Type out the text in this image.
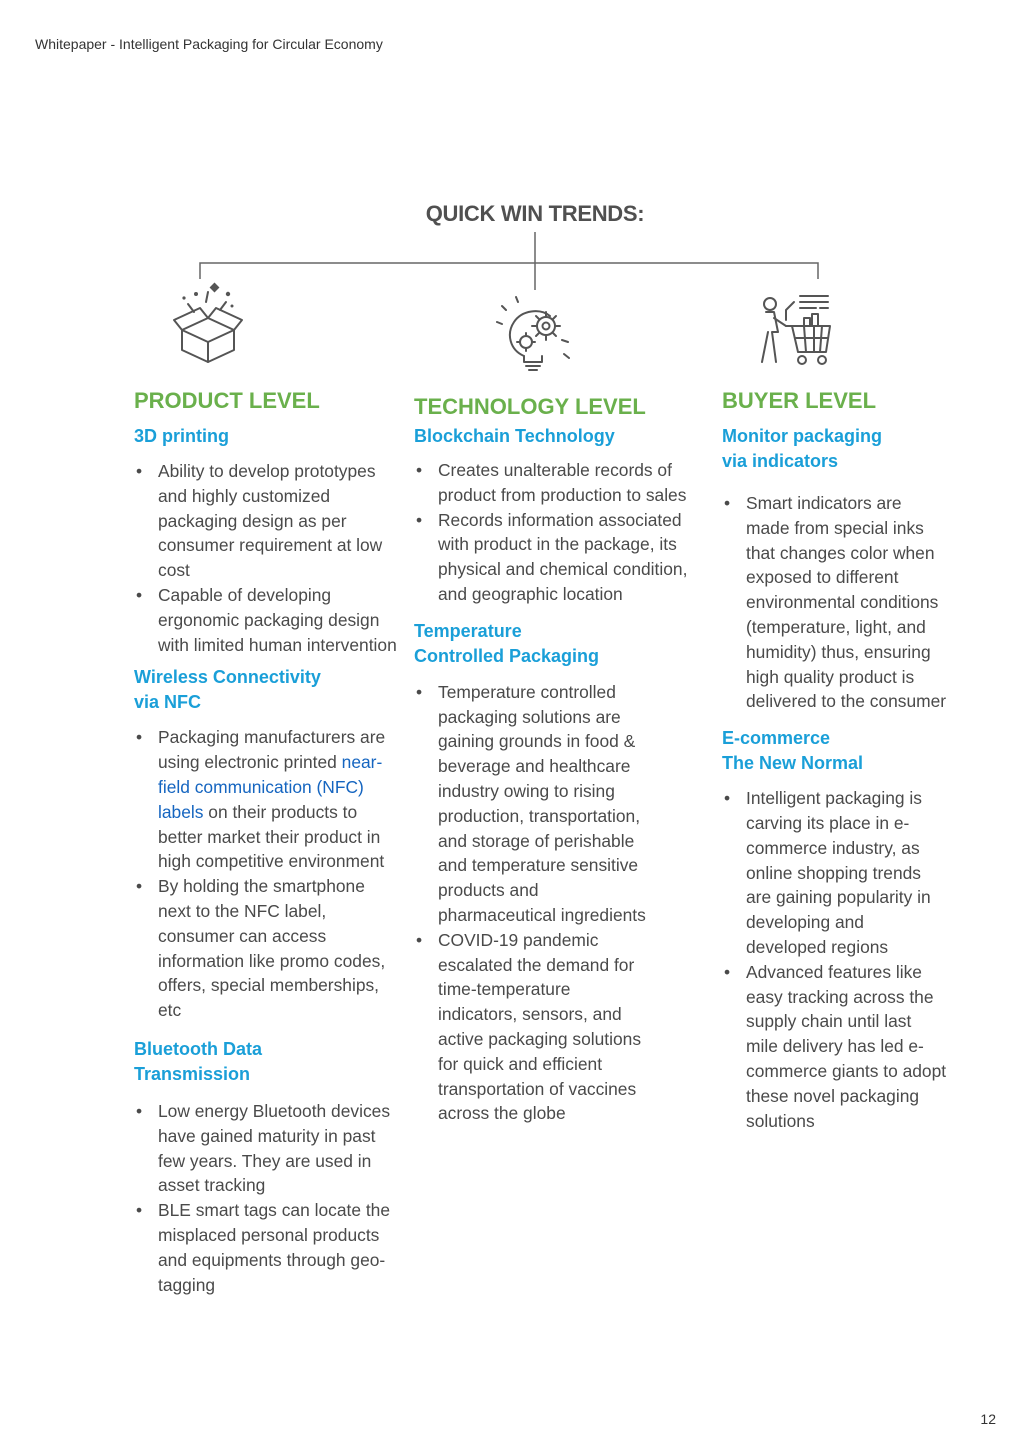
Whitepaper - Intelligent Packaging for Circular Economy
QUICK WIN TRENDS:
PRODUCT LEVEL
3D printing
• Ability to develop prototypes and highly customized packaging design as per consumer requirement at low cost
• Capable of developing ergonomic packaging design with limited human intervention
Wireless Connectivity
via NFC
• Packaging manufacturers are using electronic printed near-field communication (NFC) labels on their products to better market their product in high competitive environment
• By holding the smartphone next to the NFC label, consumer can access information like promo codes, offers, special memberships, etc
Bluetooth Data
Transmission
• Low energy Bluetooth devices have gained maturity in past few years. They are used in asset tracking
• BLE smart tags can locate the misplaced personal products and equipments through geo-tagging
TECHNOLOGY LEVEL
Blockchain Technology
• Creates unalterable records of product from production to sales
• Records information associated with product in the package, its physical and chemical condition, and geographic location
Temperature
Controlled Packaging
• Temperature controlled packaging solutions are gaining grounds in food & beverage and healthcare industry owing to rising production, transportation, and storage of perishable and temperature sensitive products and pharmaceutical ingredients
• COVID-19 pandemic escalated the demand for time-temperature indicators, sensors, and active packaging solutions for quick and efficient transportation of vaccines across the globe
BUYER LEVEL
Monitor packaging
via indicators
• Smart indicators are made from special inks that changes color when exposed to different environmental conditions (temperature, light, and humidity) thus, ensuring high quality product is delivered to the consumer
E-commerce
The New Normal
• Intelligent packaging is carving its place in e-commerce industry, as online shopping trends are gaining popularity in developing and developed regions
• Advanced features like easy tracking across the supply chain until last mile delivery has led e-commerce giants to adopt these novel packaging solutions
12
